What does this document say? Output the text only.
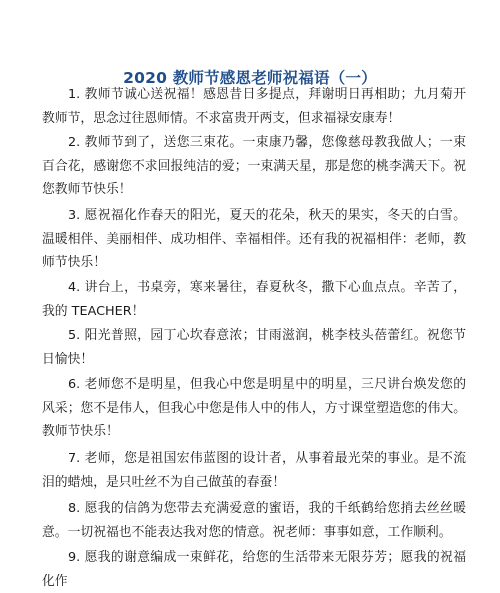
2020 教师节感恩老师祝福语（一）

1. 教师节诚心送祝福！感恩昔日多提点，拜谢明日再相助；九月菊开教师节，思念过往恩师情。不求富贵开两支，但求福禄安康寿！

2. 教师节到了，送您三束花。一束康乃馨，您像慈母教我做人；一束百合花，感谢您不求回报纯洁的爱；一束满天星，那是您的桃李满天下。祝您教师节快乐！

3. 愿祝福化作春天的阳光，夏天的花朵，秋天的果实，冬天的白雪。温暖相伴、美丽相伴、成功相伴、幸福相伴。还有我的祝福相伴：老师，教师节快乐！

4. 讲台上，书桌旁，寒来暑往，春夏秋冬，撒下心血点点。辛苦了，我的 TEACHER！

5. 阳光普照，园丁心坎春意浓；甘雨滋润，桃李枝头蓓蕾红。祝您节日愉快！

6. 老师您不是明星，但我心中您是明星中的明星，三尺讲台焕发您的风采；您不是伟人，但我心中您是伟人中的伟人，方寸课堂塑造您的伟大。教师节快乐！

7. 老师，您是祖国宏伟蓝图的设计者，从事着最光荣的事业。是不流泪的蜡烛，是只吐丝不为自己做茧的春蚕！

8. 愿我的信鸽为您带去充满爱意的蜜语，我的千纸鹤给您捎去丝丝暖意。一切祝福也不能表达我对您的情意。祝老师：事事如意，工作顺利。

9. 愿我的谢意编成一束鲜花，给您的生活带来无限芬芳；愿我的祝福化作
